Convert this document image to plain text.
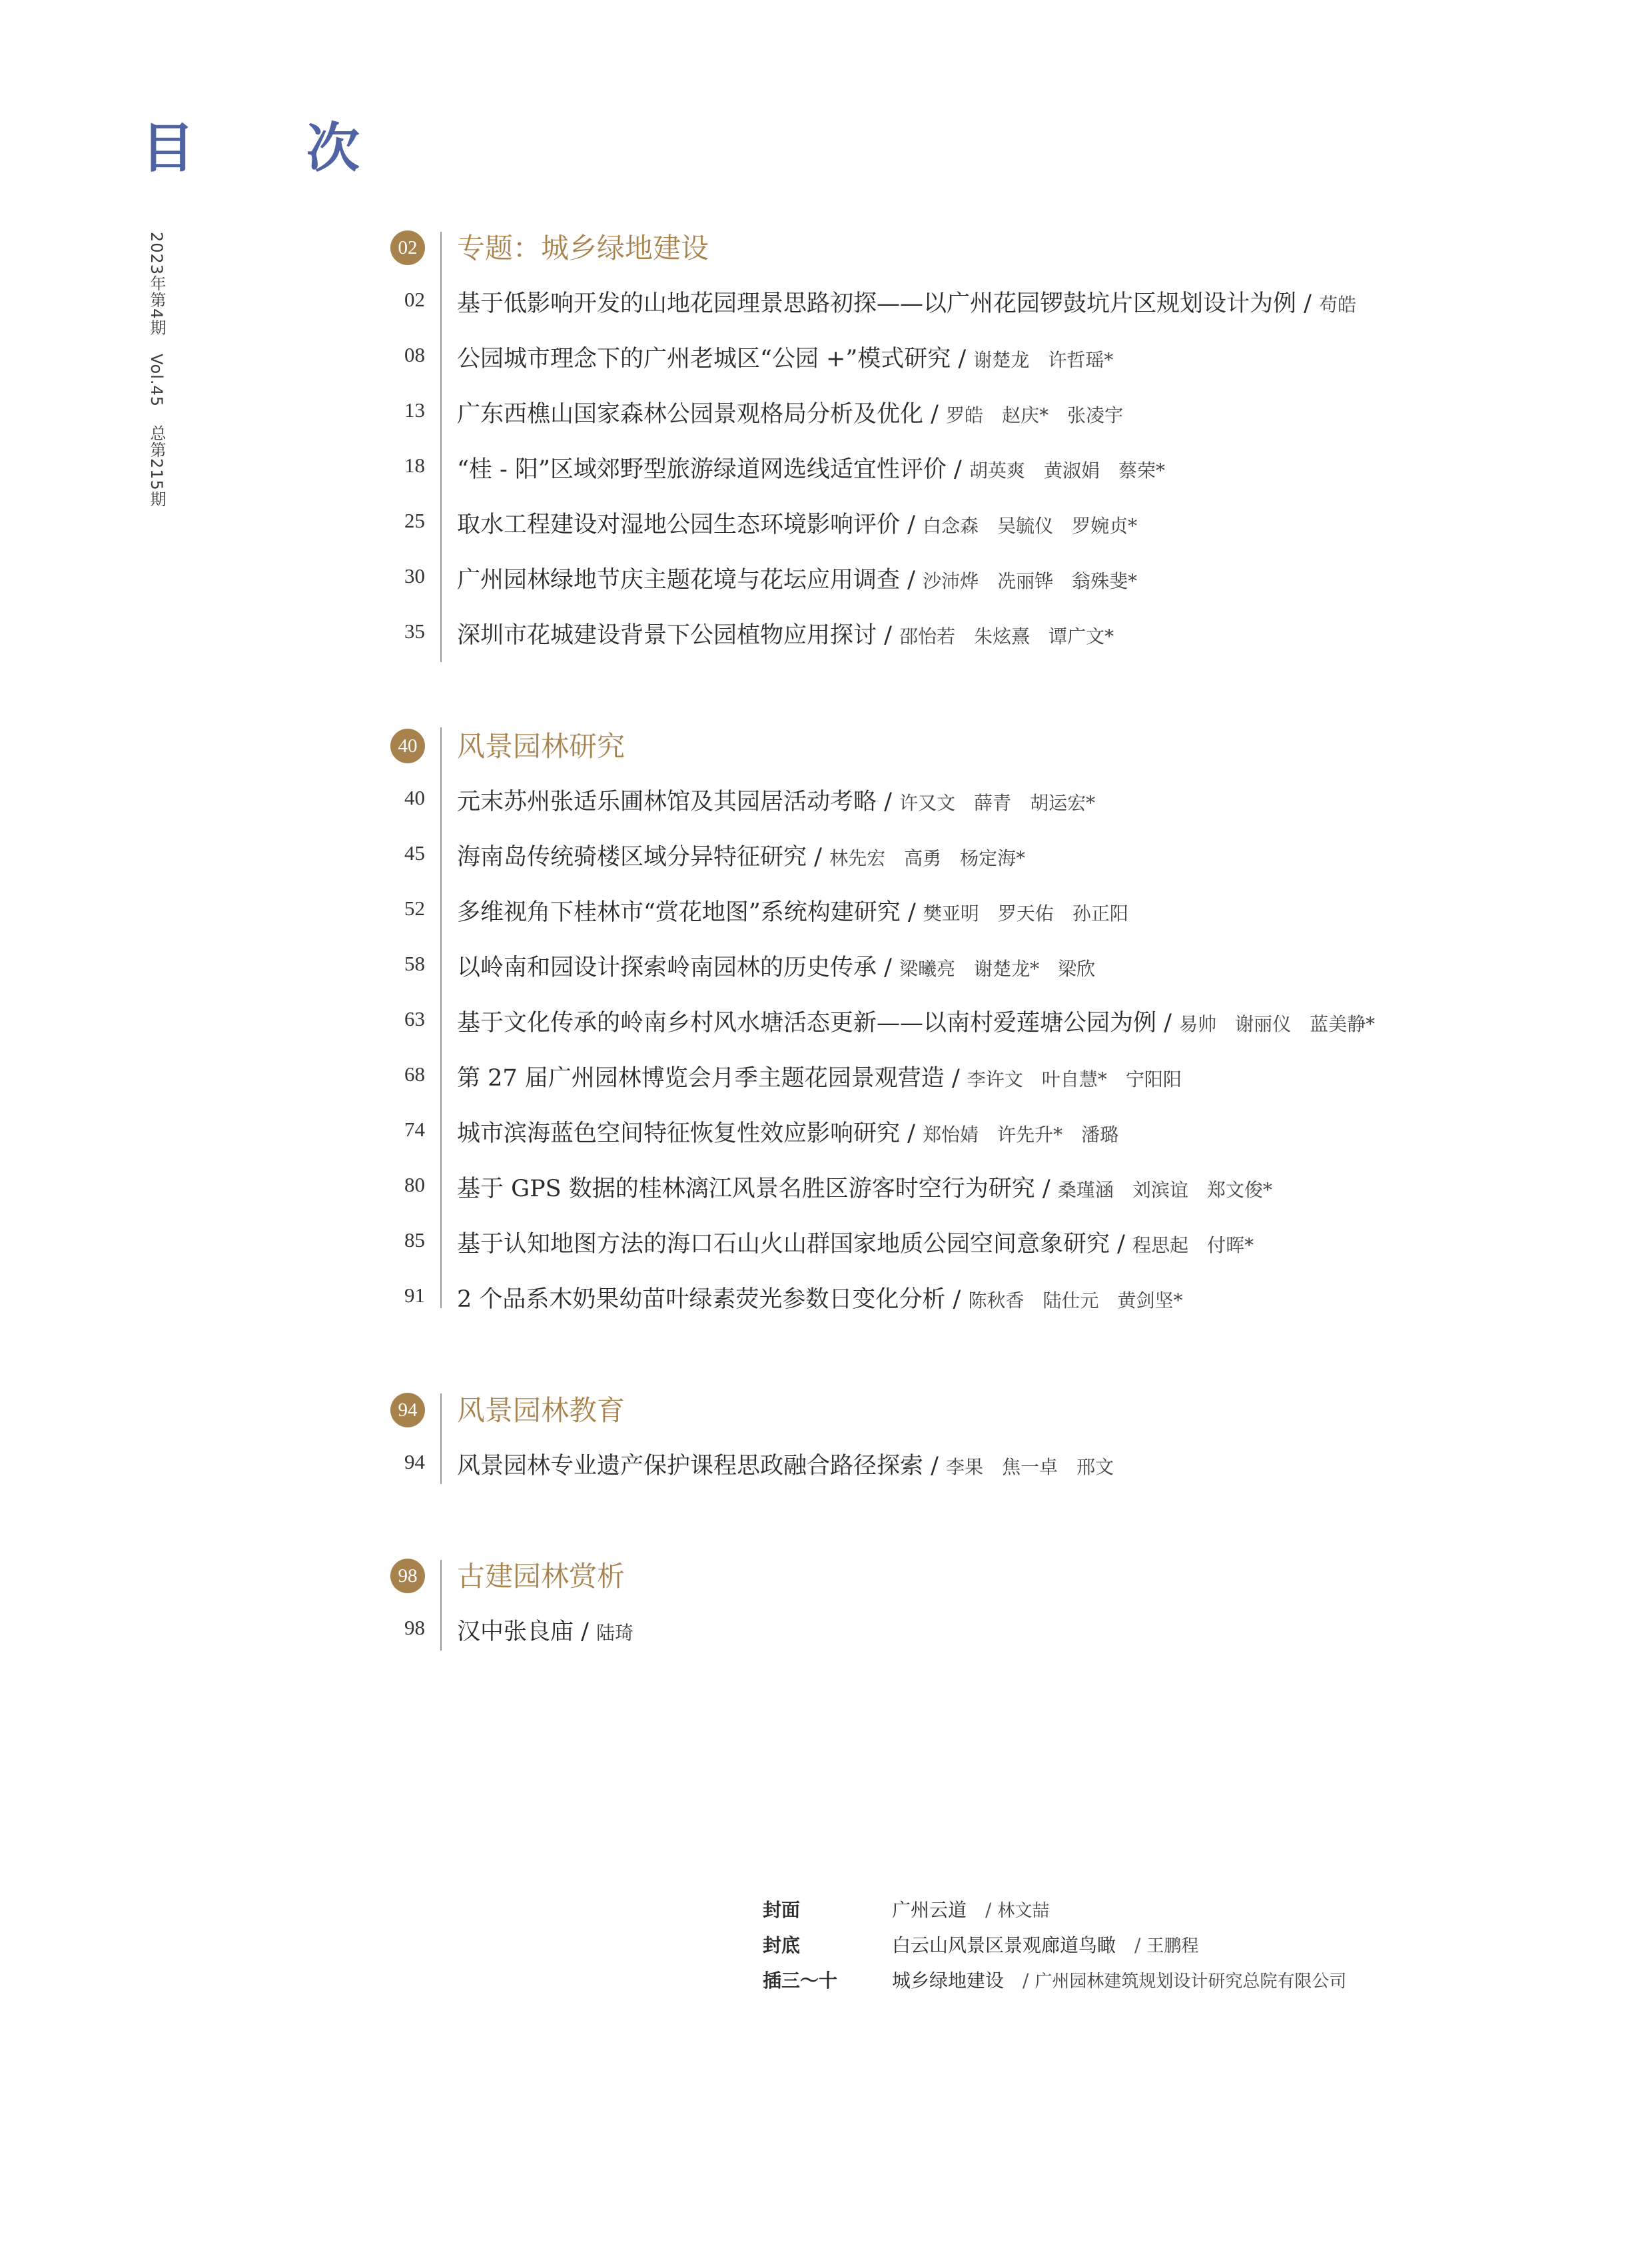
目 次
2023年第4期 Vol.45 总第215期
02 专题：城乡绿地建设
02 基于低影响开发的山地花园理景思路初探——以广州花园锣鼓坑片区规划设计为例 / 苟皓
08 公园城市理念下的广州老城区“公园 +”模式研究 / 谢楚龙　许哲瑶*
13 广东西樵山国家森林公园景观格局分析及优化 / 罗皓　赵庆*　张凌宇
18 “桂 - 阳”区域郊野型旅游绿道网选线适宜性评价 / 胡英爽　黄淑娟　蔡荣*
25 取水工程建设对湿地公园生态环境影响评价 / 白念森　吴毓仪　罗婉贞*
30 广州园林绿地节庆主题花境与花坛应用调查 / 沙沛烨　冼丽铧　翁殊斐*
35 深圳市花城建设背景下公园植物应用探讨 / 邵怡若　朱炫熹　谭广文*
40 风景园林研究
40 元末苏州张适乐圃林馆及其园居活动考略 / 许又文　薛青　胡运宏*
45 海南岛传统骑楼区域分异特征研究 / 林先宏　高勇　杨定海*
52 多维视角下桂林市“赏花地图”系统构建研究 / 樊亚明　罗天佑　孙正阳
58 以岭南和园设计探索岭南园林的历史传承 / 梁曦亮　谢楚龙*　梁欣
63 基于文化传承的岭南乡村风水塘活态更新——以南村爱莲塘公园为例 / 易帅　谢丽仪　蓝美静*
68 第 27 届广州园林博览会月季主题花园景观营造 / 李许文　叶自慧*　宁阳阳
74 城市滨海蓝色空间特征恢复性效应影响研究 / 郑怡婧　许先升*　潘璐
80 基于 GPS 数据的桂林漓江风景名胜区游客时空行为研究 / 桑瑾涵　刘滨谊　郑文俊*
85 基于认知地图方法的海口石山火山群国家地质公园空间意象研究 / 程思起　付晖*
91 2 个品系木奶果幼苗叶绿素荧光参数日变化分析 / 陈秋香　陆仕元　黄剑坚*
94 风景园林教育
94 风景园林专业遗产保护课程思政融合路径探索 / 李果　焦一卓　邢文
98 古建园林赏析
98 汉中张良庙 / 陆琦
封面	广州云道　 / 林文喆
封底	白云山风景区景观廊道鸟瞰　 / 王鹏程
插三～十	城乡绿地建设　 / 广州园林建筑规划设计研究总院有限公司
